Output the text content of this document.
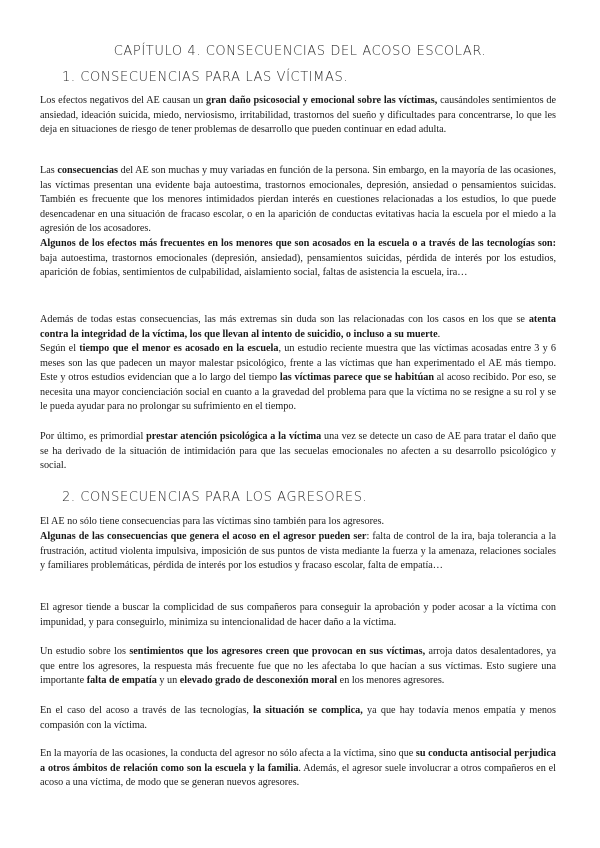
CAPÍTULO 4. CONSECUENCIAS DEL ACOSO ESCOLAR.
1. CONSECUENCIAS PARA LAS VÍCTIMAS.
Los efectos negativos del AE causan un gran daño psicosocial y emocional sobre las víctimas, causándoles sentimientos de ansiedad, ideación suicida, miedo, nerviosismo, irritabilidad, trastornos del sueño y dificultades para concentrarse, lo que les deja en situaciones de riesgo de tener problemas de desarrollo que pueden continuar en edad adulta.
Las consecuencias del AE son muchas y muy variadas en función de la persona. Sin embargo, en la mayoría de las ocasiones, las víctimas presentan una evidente baja autoestima, trastornos emocionales, depresión, ansiedad o pensamientos suicidas. También es frecuente que los menores intimidados pierdan interés en cuestiones relacionadas a los estudios, lo que puede desencadenar en una situación de fracaso escolar, o en la aparición de conductas evitativas hacia la escuela por el miedo a la agresión de los acosadores.
Algunos de los efectos más frecuentes en los menores que son acosados en la escuela o a través de las tecnologías son: baja autoestima, trastornos emocionales (depresión, ansiedad), pensamientos suicidas, pérdida de interés por los estudios, aparición de fobias, sentimientos de culpabilidad, aislamiento social, faltas de asistencia la escuela, ira…
Además de todas estas consecuencias, las más extremas sin duda son las relacionadas con los casos en los que se atenta contra la integridad de la víctima, los que llevan al intento de suicidio, o incluso a su muerte.
Según el tiempo que el menor es acosado en la escuela, un estudio reciente muestra que las víctimas acosadas entre 3 y 6 meses son las que padecen un mayor malestar psicológico, frente a las víctimas que han experimentado el AE más tiempo. Este y otros estudios evidencian que a lo largo del tiempo las víctimas parece que se habitúan al acoso recibido. Por eso, se necesita una mayor concienciación social en cuanto a la gravedad del problema para que la víctima no se resigne a su rol y se le pueda ayudar para no prolongar su sufrimiento en el tiempo.
Por último, es primordial prestar atención psicológica a la víctima una vez se detecte un caso de AE para tratar el daño que se ha derivado de la situación de intimidación para que las secuelas emocionales no afecten a su desarrollo psicológico y social.
2. CONSECUENCIAS PARA LOS AGRESORES.
El AE no sólo tiene consecuencias para las víctimas sino también para los agresores.
Algunas de las consecuencias que genera el acoso en el agresor pueden ser: falta de control de la ira, baja tolerancia a la frustración, actitud violenta impulsiva, imposición de sus puntos de vista mediante la fuerza y la amenaza, relaciones sociales y familiares problemáticas, pérdida de interés por los estudios y fracaso escolar, falta de empatía…
El agresor tiende a buscar la complicidad de sus compañeros para conseguir la aprobación y poder acosar a la víctima con impunidad, y para conseguirlo, minimiza su intencionalidad de hacer daño a la víctima.
Un estudio sobre los sentimientos que los agresores creen que provocan en sus víctimas, arroja datos desalentadores, ya que entre los agresores, la respuesta más frecuente fue que no les afectaba lo que hacían a sus víctimas. Esto sugiere una importante falta de empatía y un elevado grado de desconexión moral en los menores agresores.
En el caso del acoso a través de las tecnologías, la situación se complica, ya que hay todavía menos empatía y menos compasión con la víctima.
En la mayoría de las ocasiones, la conducta del agresor no sólo afecta a la víctima, sino que su conducta antisocial perjudica a otros ámbitos de relación como son la escuela y la familia. Además, el agresor suele involucrar a otros compañeros en el acoso a una víctima, de modo que se generan nuevos agresores.
